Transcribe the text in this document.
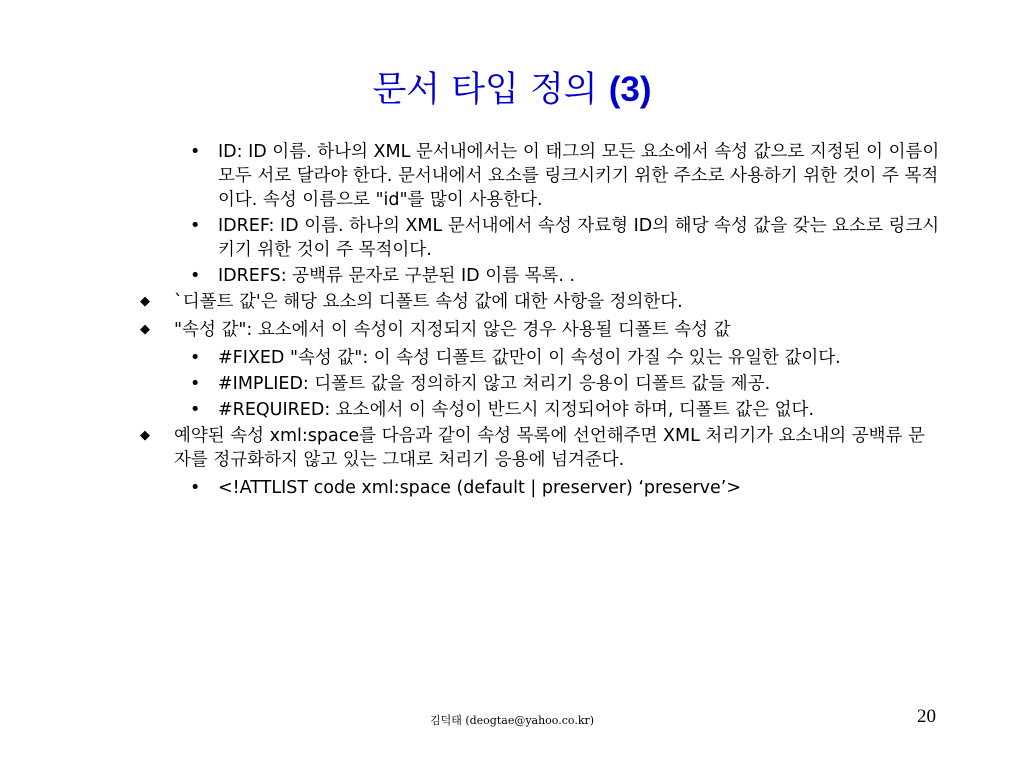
문서 타입 정의 (3)
• ID: ID 이름. 하나의 XML 문서내에서는 이 태그의 모든 요소에서 속성 값으로 지정된 이 이름이 모두 서로 달라야 한다. 문서내에서 요소를 링크시키기 위한 주소로 사용하기 위한 것이 주 목적이다. 속성 이름으로 "id"를 많이 사용한다.
• IDREF: ID 이름. 하나의 XML 문서내에서 속성 자료형 ID의 해당 속성 값을 갖는 요소로 링크시키기 위한 것이 주 목적이다.
• IDREFS: 공백류 문자로 구분된 ID 이름 목록. .
◆ `디폴트 값'은 해당 요소의 디폴트 속성 값에 대한 사항을 정의한다.
◆ "속성 값": 요소에서 이 속성이 지정되지 않은 경우 사용될 디폴트 속성 값
• #FIXED "속성 값": 이 속성 디폴트 값만이 이 속성이 가질 수 있는 유일한 값이다.
• #IMPLIED: 디폴트 값을 정의하지 않고 처리기 응용이 디폴트 값들 제공.
• #REQUIRED: 요소에서 이 속성이 반드시 지정되어야 하며, 디폴트 값은 없다.
◆ 예약된 속성 xml:space를 다음과 같이 속성 목록에 선언해주면 XML 처리기가 요소내의 공백류 문자를 정규화하지 않고 있는 그대로 처리기 응용에 넘겨준다.
• <!ATTLIST code xml:space (default | preserver) ‘preserve’>
김덕태 (deogtae@yahoo.co.kr)	20
